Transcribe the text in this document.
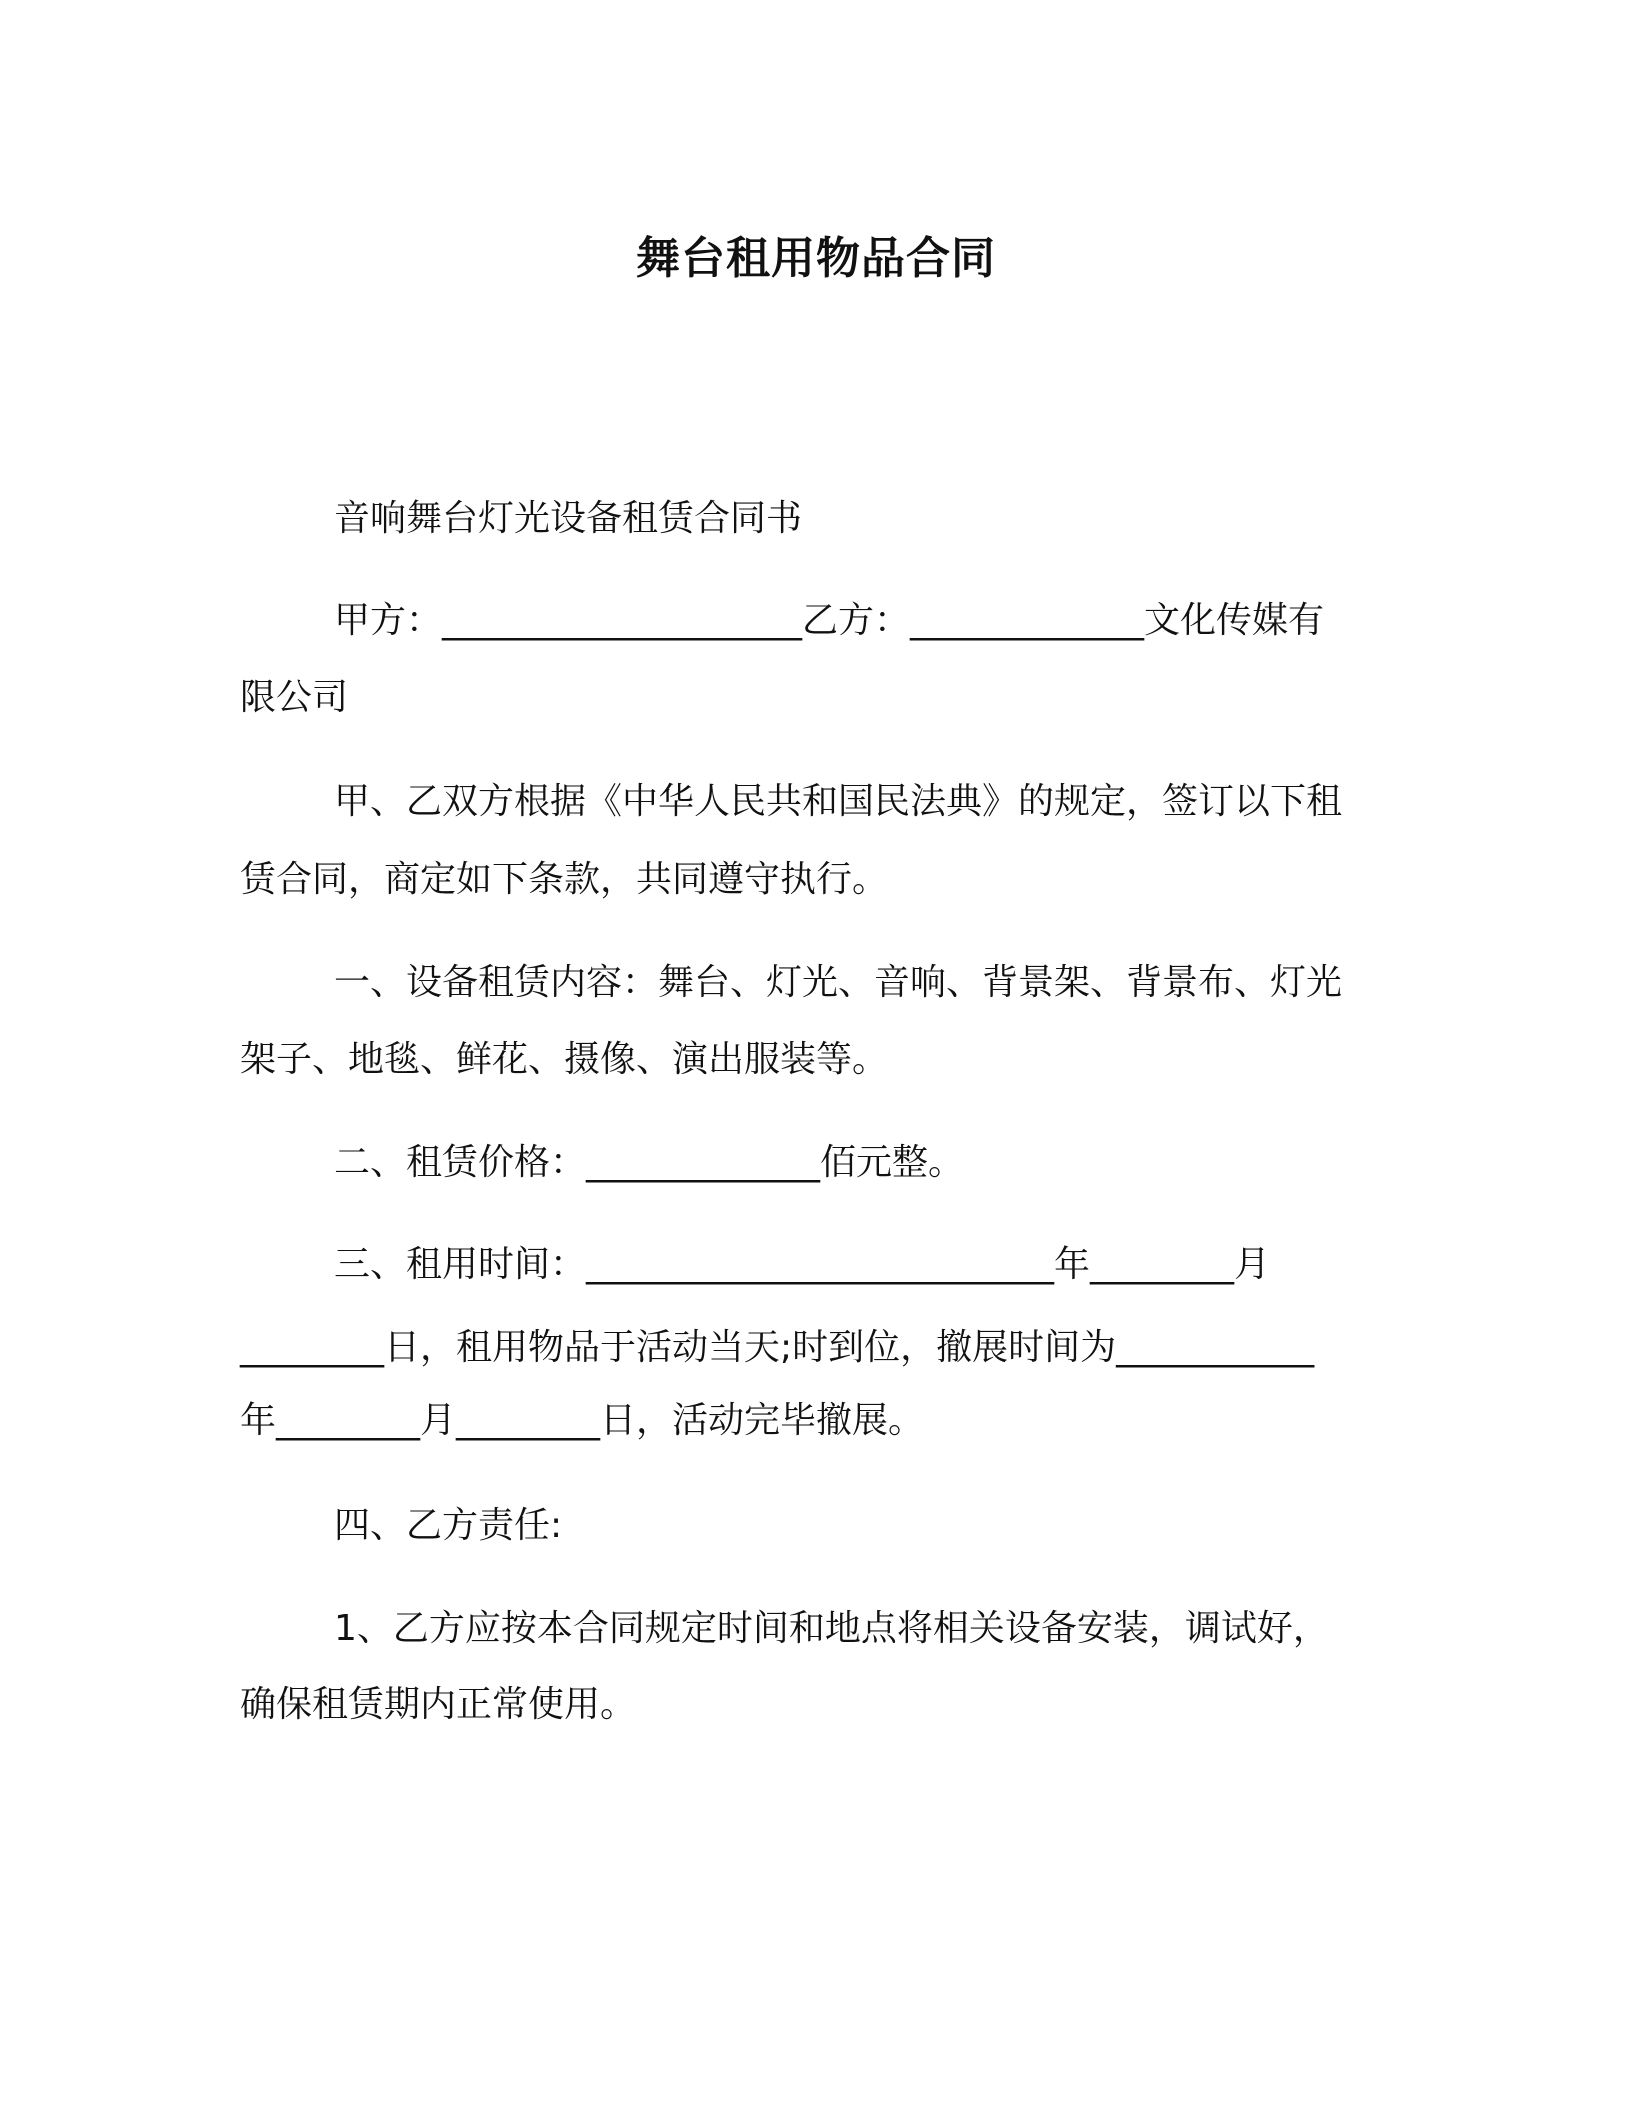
舞台租用物品合同
音响舞台灯光设备租赁合同书
甲方：____________________乙方：_____________文化传媒有
限公司
甲、乙双方根据《中华人民共和国民法典》的规定，签订以下租
赁合同，商定如下条款，共同遵守执行。
一、设备租赁内容：舞台、灯光、音响、背景架、背景布、灯光
架子、地毯、鲜花、摄像、演出服装等。
二、租赁价格：_____________佰元整。
三、租用时间：__________________________年________月
________日，租用物品于活动当天;时到位，撤展时间为___________
年________月________日，活动完毕撤展。
四、乙方责任:
1、乙方应按本合同规定时间和地点将相关设备安装，调试好，
确保租赁期内正常使用。
